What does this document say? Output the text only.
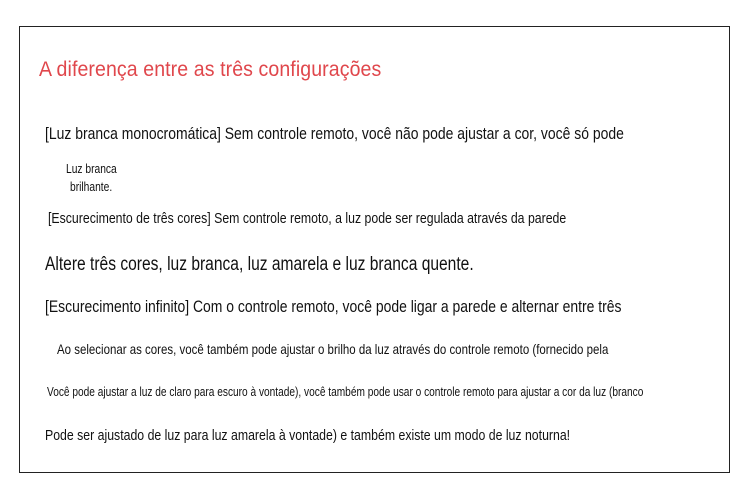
A diferença entre as três configurações
[Luz branca monocromática] Sem controle remoto, você não pode ajustar a cor, você só pode
Luz branca
brilhante.
[Escurecimento de três cores] Sem controle remoto, a luz pode ser regulada através da parede
Altere três cores, luz branca, luz amarela e luz branca quente.
[Escurecimento infinito] Com o controle remoto, você pode ligar a parede e alternar entre três
Ao selecionar as cores, você também pode ajustar o brilho da luz através do controle remoto (fornecido pela
Você pode ajustar a luz de claro para escuro à vontade), você também pode usar o controle remoto para ajustar a cor da luz (branco
Pode ser ajustado de luz para luz amarela à vontade) e também existe um modo de luz noturna!
